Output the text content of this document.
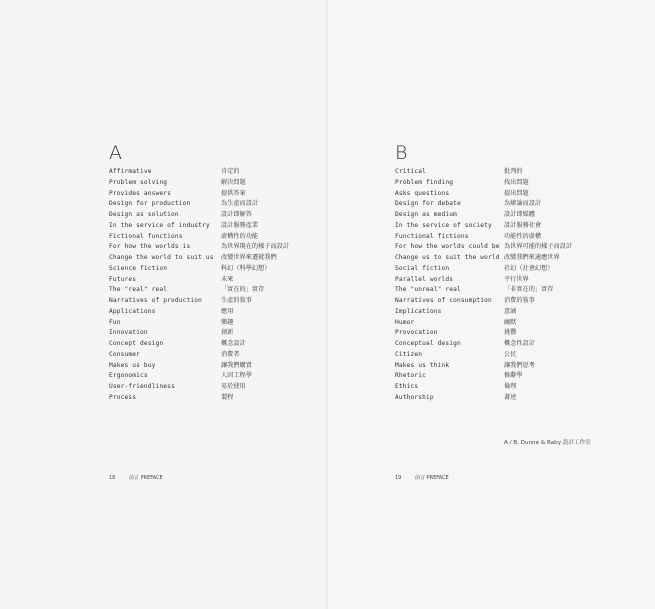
A
Affirmative	肯定的
Problem solving	解決問題
Provides answers	提供答案
Design for production	為生產而設計
Design as solution	設計即解答
In the service of industry 設計服務產業
Fictional functions	虛構性的功能
For how the worlds is	為世界現在的樣子而設計
Change the world to suit us 改變世界來遷就我們
Science fiction	科幻（科學幻想）
Futures	未來
The "real" real	「實在的」實存
Narratives of production	生產的敍事
Applications	應用
Fun	樂趣
Innovation	創新
Concept design	概念設計
Consumer	消費者
Makes us buy	讓我們購買
Ergonomics	人因工程學
User-friendliness	易於使用
Process	製程
18	前言 PREFACE
B
Critical	批判的
Problem finding	找出問題
Asks questions	提出問題
Design for debate	為辯論而設計
Design as medium	設計即媒體
In the service of society 設計服務社會
Functional fictions	功能性的虛構
For how the worlds could be 為世界可能的樣子而設計
Change us to suit the world 改變我們來適應世界
Social fiction	社幻（社會幻想）
Parallel worlds	平行世界
The "unreal" real	「非實在的」實存
Narratives of consumption 消費的敍事
Implications	意涵
Humor	幽默
Provocation	挑釁
Conceptual design	概念性設計
Citizen	公民
Makes us think	讓我們思考
Rhetoric	修辭學
Ethics	倫理
Authorship	著述
A / B, Dunne & Raby 設計工作室
19	前言 PREFACE
